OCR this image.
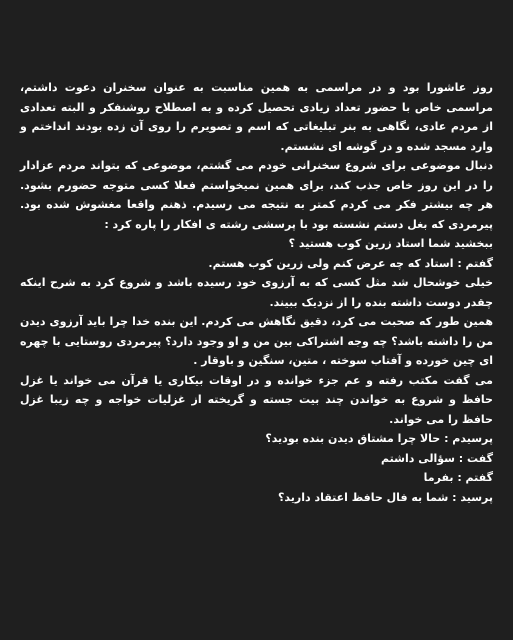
روز عاشورا بود و در مراسمی به همین مناسبت به عنوان سخنران دعوت داشتم، مراسمی خاص با حضور تعداد زیادی تحصیل کرده و به اصطلاح روشنفکر و البته تعدادی از مردم عادی، نگاهی به بنر تبلیغاتی که اسم و تصویرم را روی آن زده بودند انداختم و وارد مسجد شده و در گوشه ای نشستم.

دنبال موضوعی برای شروع سخنرانی خودم می گشتم، موضوعی که بتواند مردم عزادار را در این روز خاص جذب کند، برای همین نمیخواستم فعلا کسی متوجه حضورم بشود. هر چه بیشتر فکر می کردم کمتر به نتیجه می رسیدم. ذهنم واقعا مغشوش شده بود. پیرمردی که بغل دستم نشسته بود با پرسشی رشته ی افکار را پاره کرد :

ببخشید شما استاد زرین کوب هستید ؟

گفتم : استاد که چه عرض کنم ولی زرین کوب هستم.

خیلی خوشحال شد مثل کسی که به آرزوی خود رسیده باشد و شروع کرد به شرح اینکه چقدر دوست داشته بنده را از نزدیک ببیند.

همین طور که صحبت می کرد، دقیق نگاهش می کردم. این بنده خدا چرا باید آرزوی دیدن من را داشته باشد؟ چه وجه اشتراکی بین من و او وجود دارد؟ پیرمردی روستایی با چهره ای چین خورده و آفتاب سوخته ، متین، سنگین و باوقار .

می گفت مکتب رفته و عم جزء خوانده و در اوقات بیکاری یا قرآن می خواند یا غزل حافظ و شروع به خواندن چند بیت جسته و گریخته از غزلیات خواجه و چه زیبا غزل حافظ را می خواند.

پرسیدم : حالا چرا مشتاق دیدن بنده بودید؟

گفت : سؤالی داشتم

گفتم : بفرما

پرسید : شما به فال حافظ اعتقاد دارید؟
